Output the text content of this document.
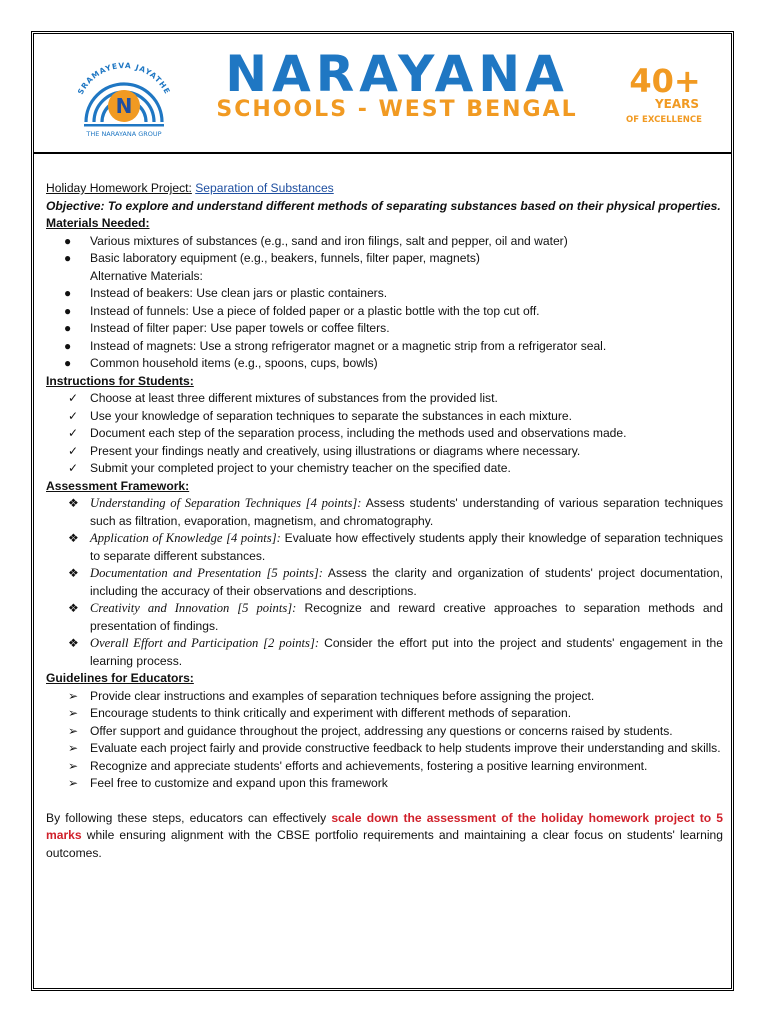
SRAMAYEVA JAYATHE
N
THE NARAYANA GROUP
NARAYANA
SCHOOLS - WEST BENGAL
40+
YEARS
OF EXCELLENCE
Holiday Homework Project: Separation of Substances
Objective: To explore and understand different methods of separating substances based on their physical properties.
Materials Needed:
● Various mixtures of substances (e.g., sand and iron filings, salt and pepper, oil and water)
● Basic laboratory equipment (e.g., beakers, funnels, filter paper, magnets)
Alternative Materials:
● Instead of beakers: Use clean jars or plastic containers.
● Instead of funnels: Use a piece of folded paper or a plastic bottle with the top cut off.
● Instead of filter paper: Use paper towels or coffee filters.
● Instead of magnets: Use a strong refrigerator magnet or a magnetic strip from a refrigerator seal.
● Common household items (e.g., spoons, cups, bowls)
Instructions for Students:
✓ Choose at least three different mixtures of substances from the provided list.
✓ Use your knowledge of separation techniques to separate the substances in each mixture.
✓ Document each step of the separation process, including the methods used and observations made.
✓ Present your findings neatly and creatively, using illustrations or diagrams where necessary.
✓ Submit your completed project to your chemistry teacher on the specified date.
Assessment Framework:
❖ Understanding of Separation Techniques [4 points]: Assess students' understanding of various separation techniques such as filtration, evaporation, magnetism, and chromatography.
❖ Application of Knowledge [4 points]: Evaluate how effectively students apply their knowledge of separation techniques to separate different substances.
❖ Documentation and Presentation [5 points]: Assess the clarity and organization of students' project documentation, including the accuracy of their observations and descriptions.
❖ Creativity and Innovation [5 points]: Recognize and reward creative approaches to separation methods and presentation of findings.
❖ Overall Effort and Participation [2 points]: Consider the effort put into the project and students' engagement in the learning process.
Guidelines for Educators:
➢ Provide clear instructions and examples of separation techniques before assigning the project.
➢ Encourage students to think critically and experiment with different methods of separation.
➢ Offer support and guidance throughout the project, addressing any questions or concerns raised by students.
➢ Evaluate each project fairly and provide constructive feedback to help students improve their understanding and skills.
➢ Recognize and appreciate students' efforts and achievements, fostering a positive learning environment.
➢ Feel free to customize and expand upon this framework
By following these steps, educators can effectively scale down the assessment of the holiday homework project to 5 marks while ensuring alignment with the CBSE portfolio requirements and maintaining a clear focus on students' learning outcomes.
